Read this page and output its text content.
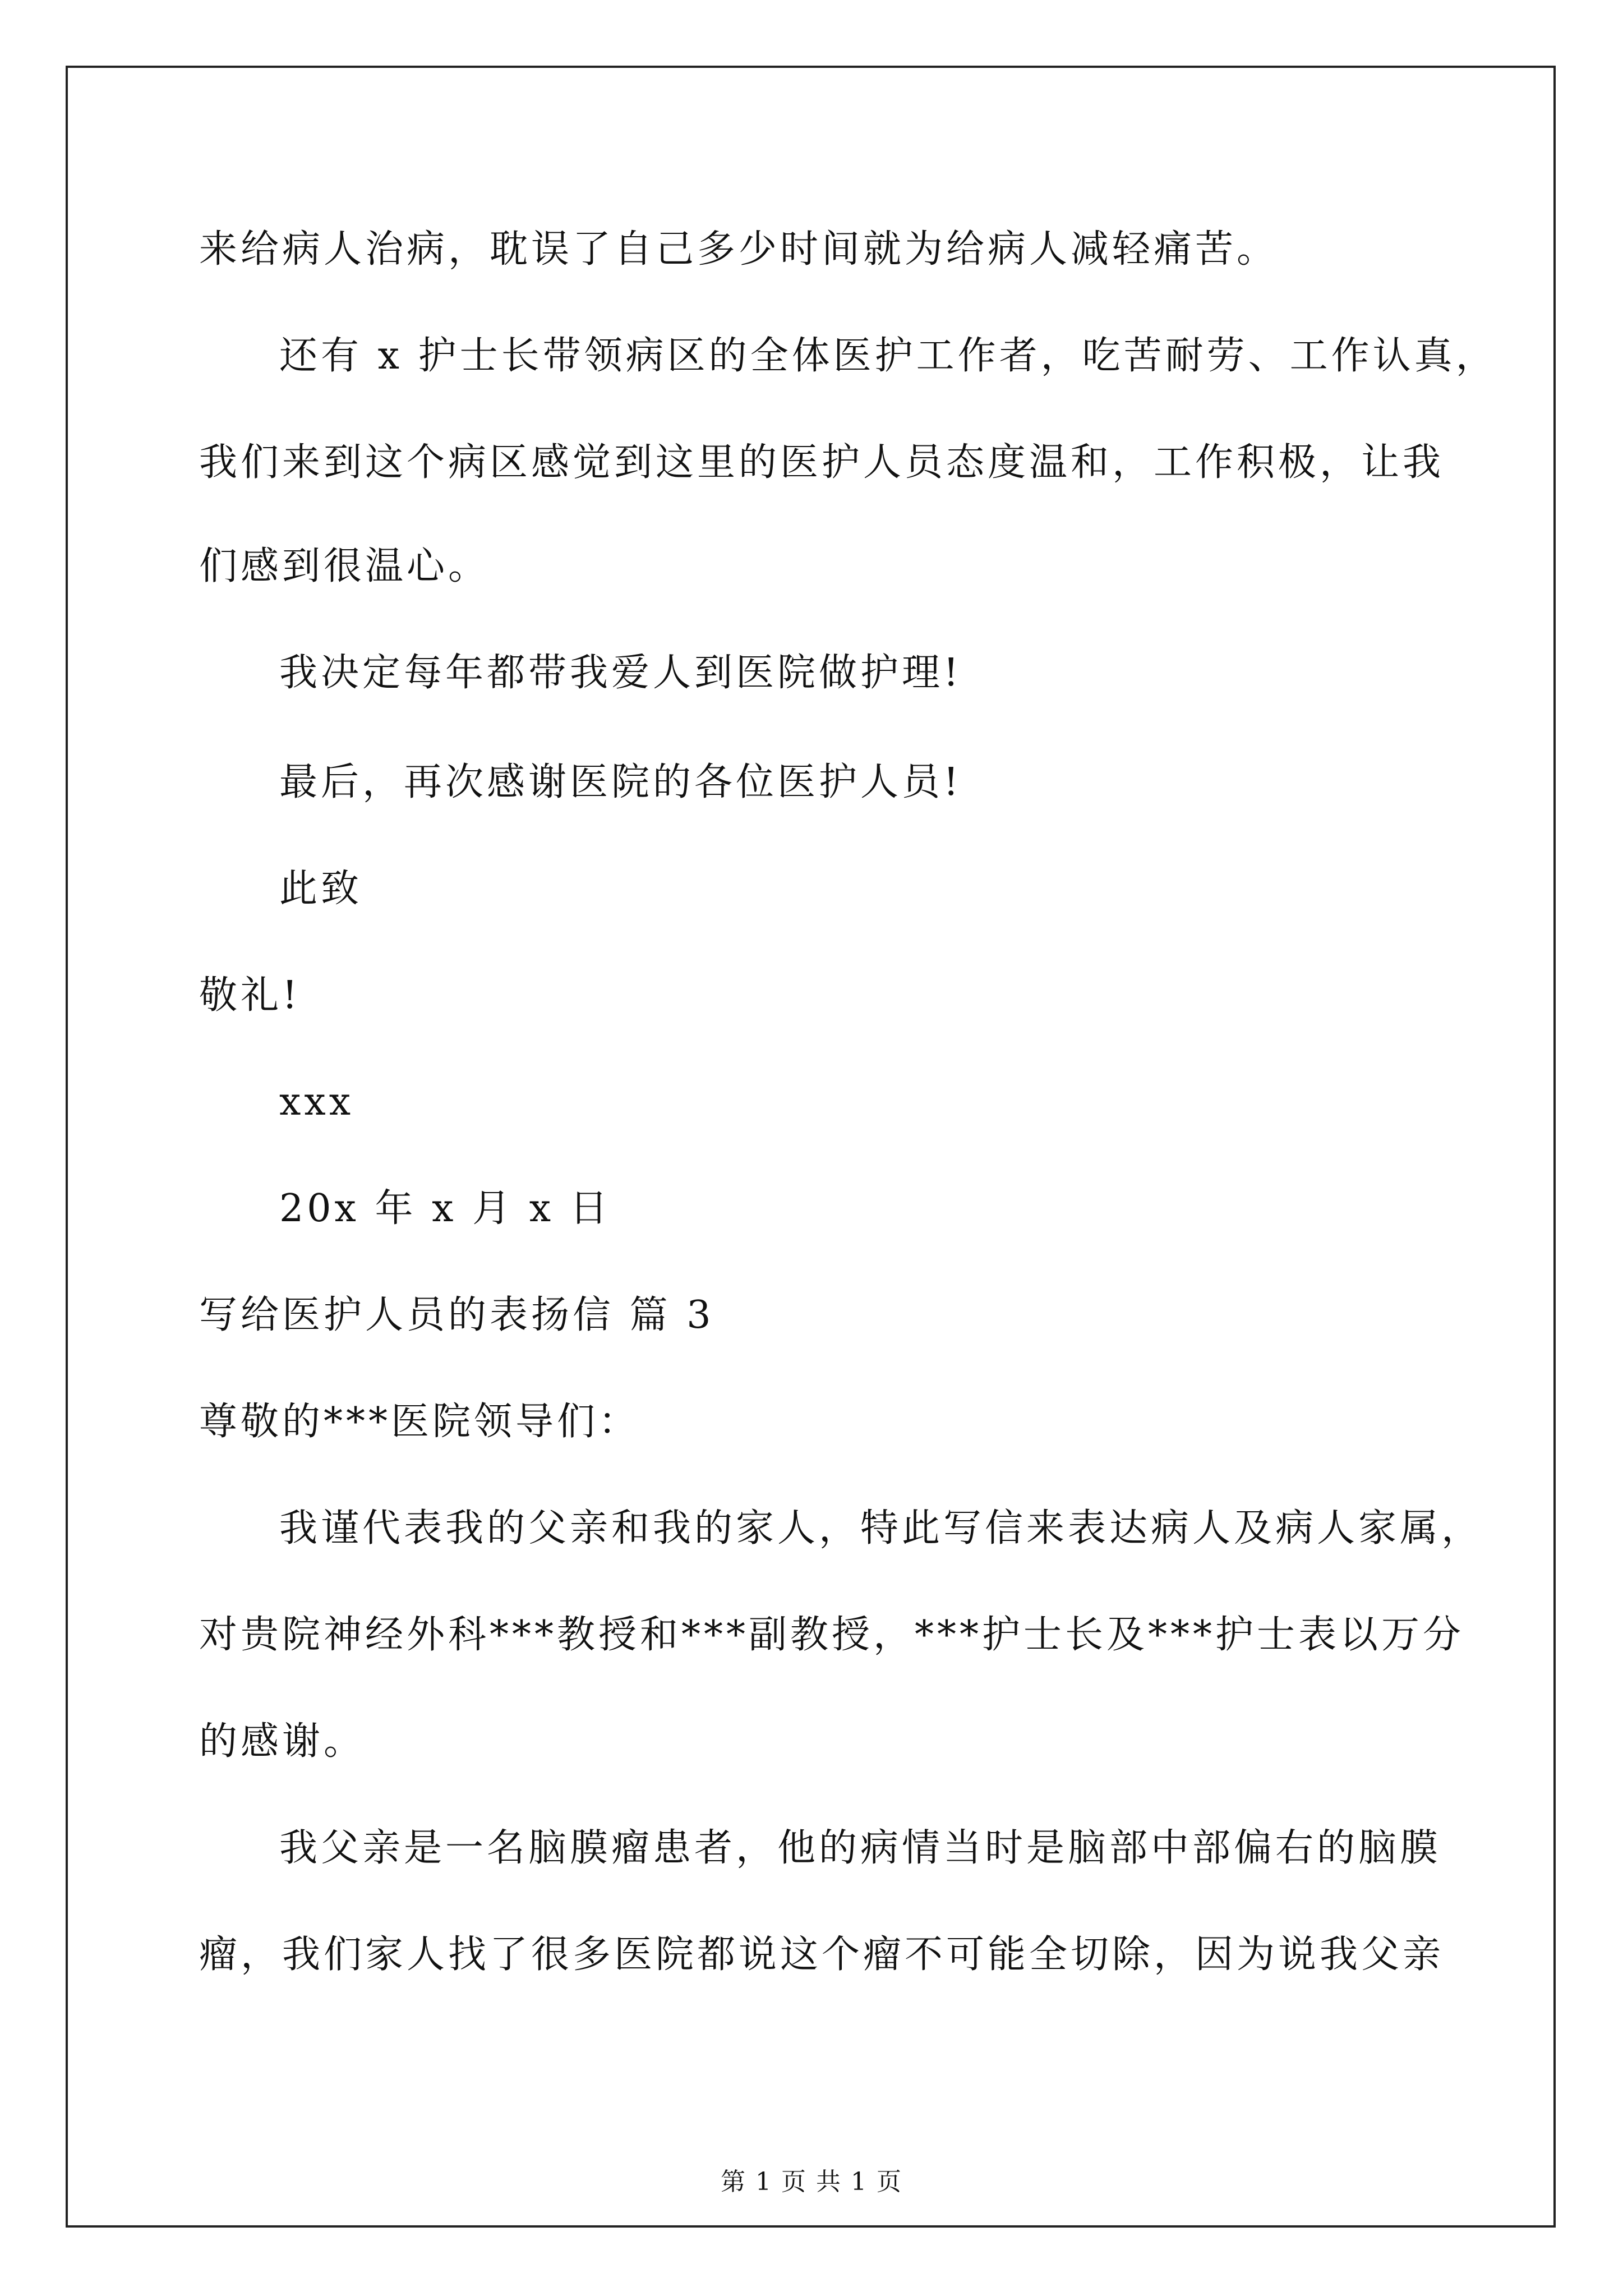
来给病人治病，耽误了自己多少时间就为给病人减轻痛苦。
还有 x 护士长带领病区的全体医护工作者，吃苦耐劳、工作认真，
我们来到这个病区感觉到这里的医护人员态度温和，工作积极，让我
们感到很温心。
我决定每年都带我爱人到医院做护理!
最后，再次感谢医院的各位医护人员!
此致
敬礼!
xxx
20x 年 x 月 x 日
写给医护人员的表扬信 篇 3
尊敬的***医院领导们：
我谨代表我的父亲和我的家人，特此写信来表达病人及病人家属，
对贵院神经外科***教授和***副教授，***护士长及***护士表以万分
的感谢。
我父亲是一名脑膜瘤患者，他的病情当时是脑部中部偏右的脑膜
瘤，我们家人找了很多医院都说这个瘤不可能全切除，因为说我父亲
第 1 页 共 1 页
